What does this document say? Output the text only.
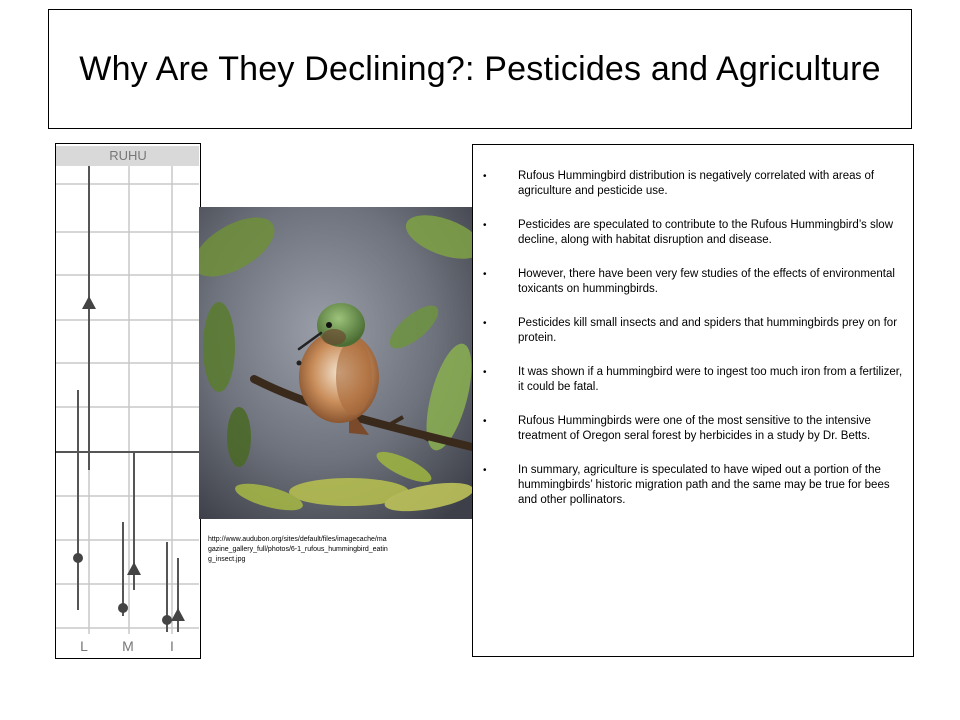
Why Are They Declining?: Pesticides and Agriculture
RUHU
L M	I
http://www.audubon.org/sites/default/files/imagecache/magazine_gallery_full/photos/6-1_rufous_hummingbird_eating_insect.jpg
•	Rufous Hummingbird distribution is negatively correlated with areas of agriculture and pesticide use.
•	Pesticides are speculated to contribute to the Rufous Hummingbird’s slow decline, along with habitat disruption and disease.
•	However, there have been very few studies of the effects of environmental toxicants on hummingbirds.
•	Pesticides kill small insects and and spiders that hummingbirds prey on for protein.
•	It was shown if a hummingbird were to ingest too much iron from a fertilizer, it could be fatal.
•	Rufous Hummingbirds were one of the most sensitive to the intensive treatment of Oregon seral forest by herbicides in a study by Dr. Betts.
•	In summary, agriculture is speculated to have wiped out a portion of the hummingbirds’ historic migration path and the same may be true for bees and other pollinators.
